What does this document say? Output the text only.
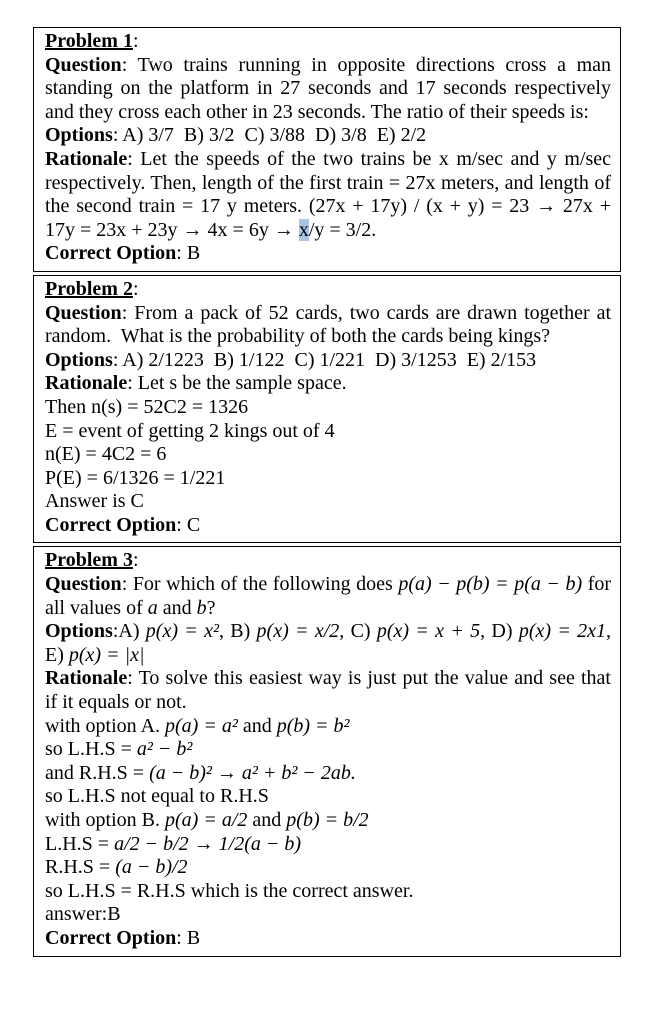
Problem 1:

Question: Two trains running in opposite directions cross a man standing on the platform in 27 seconds and 17 seconds respectively and they cross each other in 23 seconds. The ratio of their speeds is:

Options: A) 3/7  B) 3/2  C) 3/88  D) 3/8  E) 2/2

Rationale: Let the speeds of the two trains be x m/sec and y m/sec respectively. Then, length of the first train = 27x meters, and length of the second train = 17 y meters. (27x + 17y) / (x + y) = 23 → 27x + 17y = 23x + 23y → 4x = 6y → x/y = 3/2.

Correct Option: B

Problem 2:

Question: From a pack of 52 cards, two cards are drawn together at random.  What is the probability of both the cards being kings?

Options: A) 2/1223  B) 1/122  C) 1/221  D) 3/1253  E) 2/153

Rationale: Let s be the sample space.

Then n(s) = 52C2 = 1326

E = event of getting 2 kings out of 4

n(E) = 4C2 = 6

P(E) = 6/1326 = 1/221

Answer is C

Correct Option: C

Problem 3:

Question: For which of the following does p(a) − p(b) = p(a − b) for all values of a and b?

Options:A) p(x) = x², B) p(x) = x/2, C) p(x) = x + 5, D) p(x) = 2x1, E) p(x) = |x|

Rationale: To solve this easiest way is just put the value and see that if it equals or not.

with option A. p(a) = a² and p(b) = b²

so L.H.S = a² − b²

and R.H.S = (a − b)² → a² + b² − 2ab.

so L.H.S not equal to R.H.S

with option B. p(a) = a/2 and p(b) = b/2

L.H.S = a/2 − b/2 → 1/2(a − b)

R.H.S = (a − b)/2

so L.H.S = R.H.S which is the correct answer.

answer:B

Correct Option: B
